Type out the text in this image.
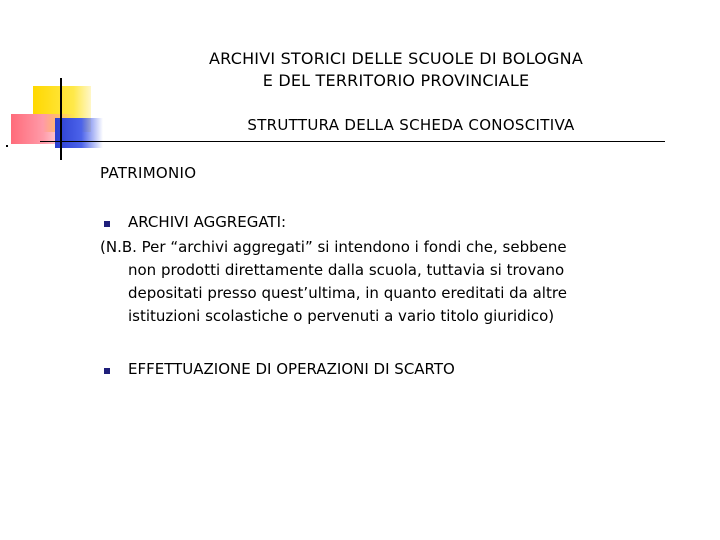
ARCHIVI STORICI DELLE SCUOLE DI BOLOGNA
E DEL TERRITORIO PROVINCIALE
STRUTTURA DELLA SCHEDA CONOSCITIVA
PATRIMONIO
ARCHIVI AGGREGATI:
(N.B. Per “archivi aggregati” si intendono i fondi che, sebbene
non prodotti direttamente dalla scuola, tuttavia si trovano
depositati presso quest’ultima, in quanto ereditati da altre
istituzioni scolastiche o pervenuti a vario titolo giuridico)
EFFETTUAZIONE DI OPERAZIONI DI SCARTO
